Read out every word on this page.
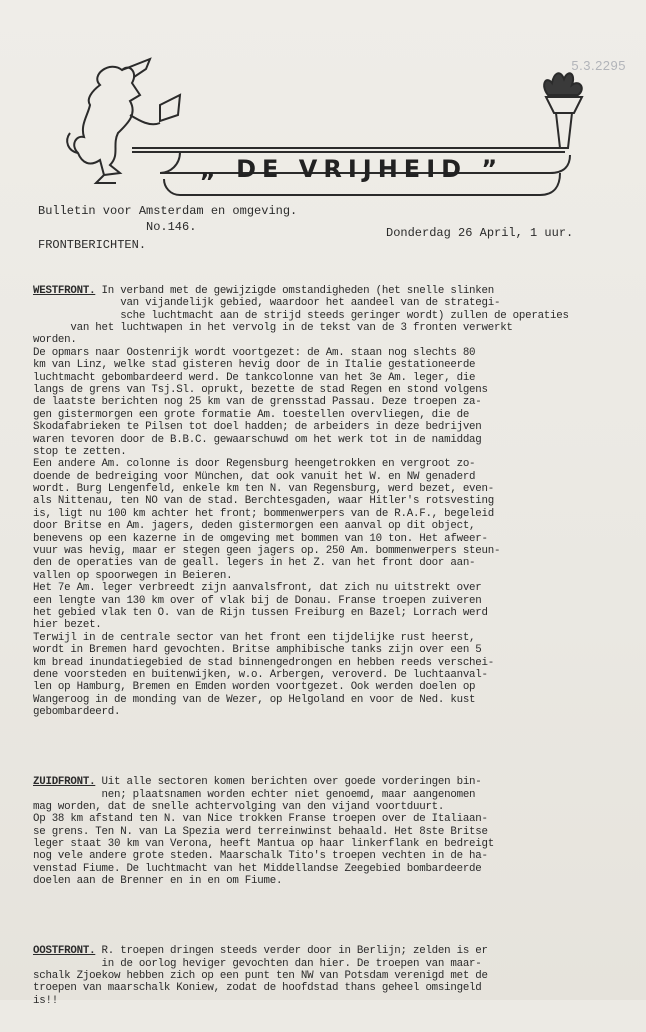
5.3.2295
„ DE VRIJHEID ”
Bulletin voor Amsterdam en omgeving.
No.146.	Donderdag 26 April, 1 uur.
FRONTBERICHTEN.

WESTFRONT. In verband met de gewijzigde omstandigheden (het snelle slinken
van vijandelijk gebied, waardoor het aandeel van de strategi-
sche luchtmacht aan de strijd steeds geringer wordt) zullen de operaties
van het luchtwapen in het vervolg in de tekst van de 3 fronten verwerkt
worden.
De opmars naar Oostenrijk wordt voortgezet: de Am. staan nog slechts 80
km van Linz, welke stad gisteren hevig door de in Italie gestationeerde
luchtmacht gebombardeerd werd. De tankcolonne van het 3e Am. leger, die
langs de grens van Tsj.Sl. oprukt, bezette de stad Regen en stond volgens
de laatste berichten nog 25 km van de grensstad Passau. Deze troepen za-
gen gistermorgen een grote formatie Am. toestellen overvliegen, die de
Skodafabrieken te Pilsen tot doel hadden; de arbeiders in deze bedrijven
waren tevoren door de B.B.C. gewaarschuwd om het werk tot in de namiddag
stop te zetten.
Een andere Am. colonne is door Regensburg heengetrokken en vergroot zo-
doende de bedreiging voor München, dat ook vanuit het W. en NW genaderd
wordt. Burg Lengenfeld, enkele km ten N. van Regensburg, werd bezet, even-
als Nittenau, ten NO van de stad. Berchtesgaden, waar Hitler's rotsvesting
is, ligt nu 100 km achter het front; bommenwerpers van de R.A.F., begeleid
door Britse en Am. jagers, deden gistermorgen een aanval op dit object,
benevens op een kazerne in de omgeving met bommen van 10 ton. Het afweer-
vuur was hevig, maar er stegen geen jagers op. 250 Am. bommenwerpers steun-
den de operaties van de geall. legers in het Z. van het front door aan-
vallen op spoorwegen in Beieren.
Het 7e Am. leger verbreedt zijn aanvalsfront, dat zich nu uitstrekt over
een lengte van 130 km over of vlak bij de Donau. Franse troepen zuiveren
het gebied vlak ten O. van de Rijn tussen Freiburg en Bazel; Lorrach werd
hier bezet.
Terwijl in de centrale sector van het front een tijdelijke rust heerst,
wordt in Bremen hard gevochten. Britse amphibische tanks zijn over een 5
km bread inundatiegebied de stad binnengedrongen en hebben reeds verschei-
dene voorsteden en buitenwijken, w.o. Arbergen, veroverd. De luchtaanval-
len op Hamburg, Bremen en Emden worden voortgezet. Ook werden doelen op
Wangeroog in de monding van de Wezer, op Helgoland en voor de Ned. kust
gebombardeerd.

ZUIDFRONT. Uit alle sectoren komen berichten over goede vorderingen bin-
nen; plaatsnamen worden echter niet genoemd, maar aangenomen
mag worden, dat de snelle achtervolging van den vijand voortduurt.
Op 38 km afstand ten N. van Nice trokken Franse troepen over de Italiaan-
se grens. Ten N. van La Spezia werd terreinwinst behaald. Het 8ste Britse
leger staat 30 km van Verona, heeft Mantua op haar linkerflank en bedreigt
nog vele andere grote steden. Maarschalk Tito's troepen vechten in de ha-
venstad Fiume. De luchtmacht van het Middellandse Zeegebied bombardeerde
doelen aan de Brenner en in en om Fiume.

OOSTFRONT. R. troepen dringen steeds verder door in Berlijn; zelden is er
in de oorlog heviger gevochten dan hier. De troepen van maar-
schalk Zjoekow hebben zich op een punt ten NW van Potsdam verenigd met de
troepen van maarschalk Koniew, zodat de hoofdstad thans geheel omsingeld
is!!
